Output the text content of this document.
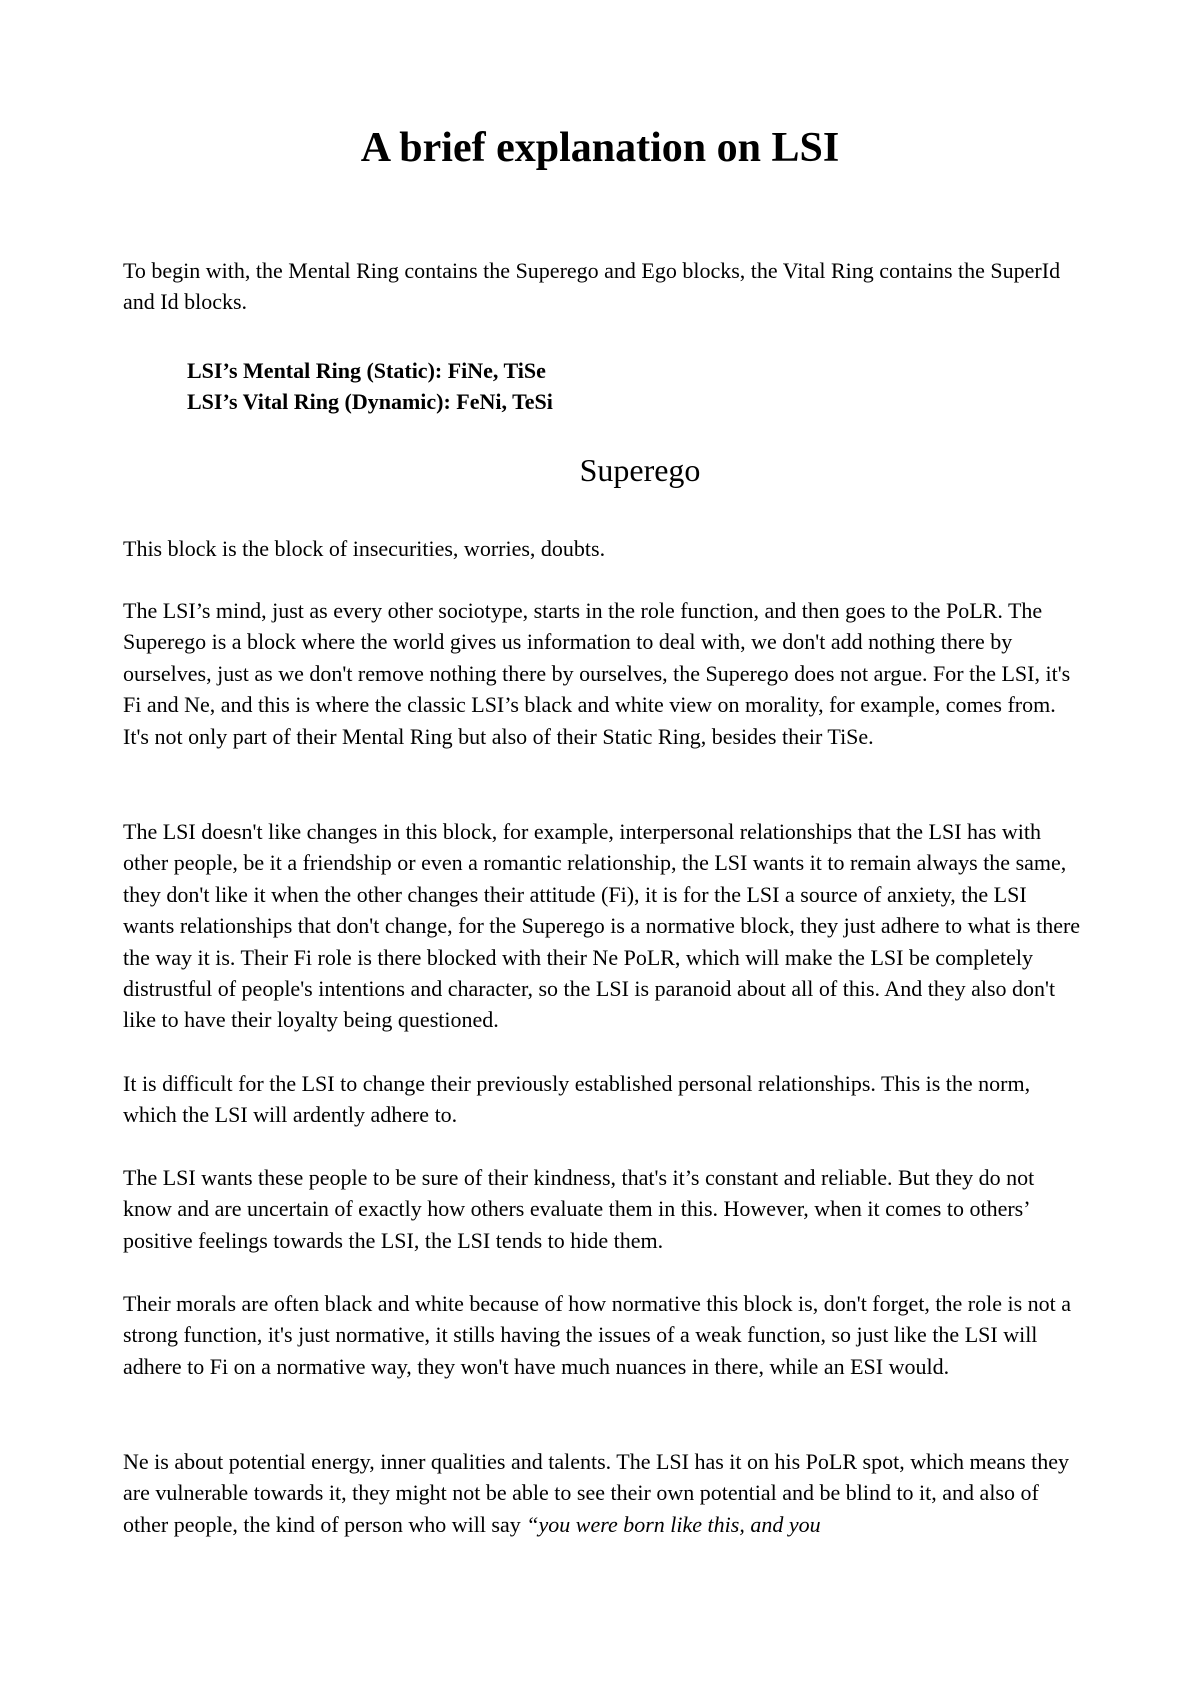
A brief explanation on LSI

To begin with, the Mental Ring contains the Superego and Ego blocks, the Vital Ring contains the SuperId and Id blocks.

LSI’s Mental Ring (Static): FiNe, TiSe
LSI’s Vital Ring (Dynamic): FeNi, TeSi
Superego

This block is the block of insecurities, worries, doubts.

The LSI’s mind, just as every other sociotype, starts in the role function, and then goes to the PoLR. The Superego is a block where the world gives us information to deal with, we don't add nothing there by ourselves, just as we don't remove nothing there by ourselves, the Superego does not argue. For the LSI, it's Fi and Ne, and this is where the classic LSI’s black and white view on morality, for example, comes from. It's not only part of their Mental Ring but also of their Static Ring, besides their TiSe.

The LSI doesn't like changes in this block, for example, interpersonal relationships that the LSI has with other people, be it a friendship or even a romantic relationship, the LSI wants it to remain always the same, they don't like it when the other changes their attitude (Fi), it is for the LSI a source of anxiety, the LSI wants relationships that don't change, for the Superego is a normative block, they just adhere to what is there the way it is. Their Fi role is there blocked with their Ne PoLR, which will make the LSI be completely distrustful of people's intentions and character, so the LSI is paranoid about all of this. And they also don't like to have their loyalty being questioned.

It is difficult for the LSI to change their previously established personal relationships. This is the norm, which the LSI will ardently adhere to.

The LSI wants these people to be sure of their kindness, that's it’s constant and reliable. But they do not know and are uncertain of exactly how others evaluate them in this. However, when it comes to others’ positive feelings towards the LSI, the LSI tends to hide them.

Their morals are often black and white because of how normative this block is, don't forget, the role is not a strong function, it's just normative, it stills having the issues of a weak function, so just like the LSI will adhere to Fi on a normative way, they won't have much nuances in there, while an ESI would.

Ne is about potential energy, inner qualities and talents. The LSI has it on his PoLR spot, which means they are vulnerable towards it, they might not be able to see their own potential and be blind to it, and also of other people, the kind of person who will say “you were born like this, and you
